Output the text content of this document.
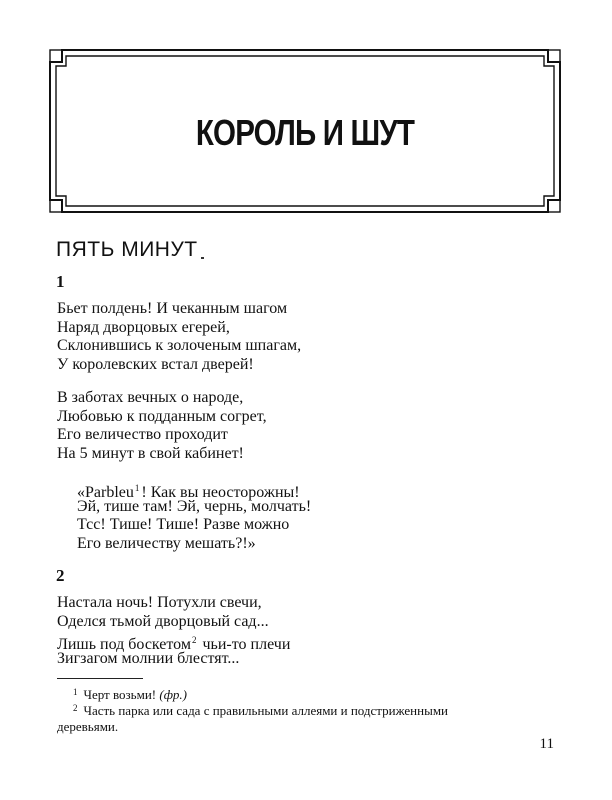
КОРОЛЬ И ШУТ
ПЯТЬ МИНУТ
1
Бьет полдень! И чеканным шагом
Наряд дворцовых егерей,
Склонившись к золоченым шпагам,
У королевских встал дверей!
В заботах вечных о народе,
Любовью к подданным согрет,
Его величество проходит
На 5 минут в свой кабинет!
«Parbleu$^1$ ! Как вы неосторожны!
Эй, тише там! Эй, чернь, молчать!
Тсс! Тише! Тише! Разве можно
Его величеству мешать?!»
2
Настала ночь! Потухли свечи,
Оделся тьмой дворцовый сад...
Лишь под боскетом$^2$ чьи-то плечи
Зигзагом молнии блестят...
$^1$ Черт возьми! (фр.)
$^2$ Часть парка или сада с правильными аллеями и подстриженными
деревьями.
11
